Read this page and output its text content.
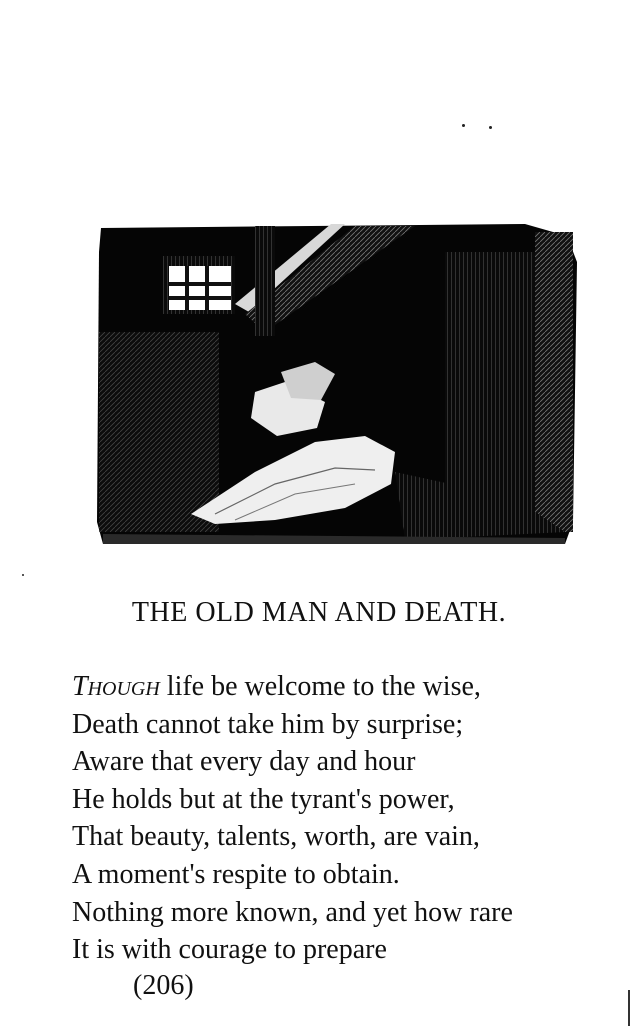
THE OLD MAN AND DEATH.
Though life be welcome to the wise,
Death cannot take him by surprise;
Aware that every day and hour
He holds but at the tyrant's power,
That beauty, talents, worth, are vain,
A moment's respite to obtain.
Nothing more known, and yet how rare
It is with courage to prepare
(206)
